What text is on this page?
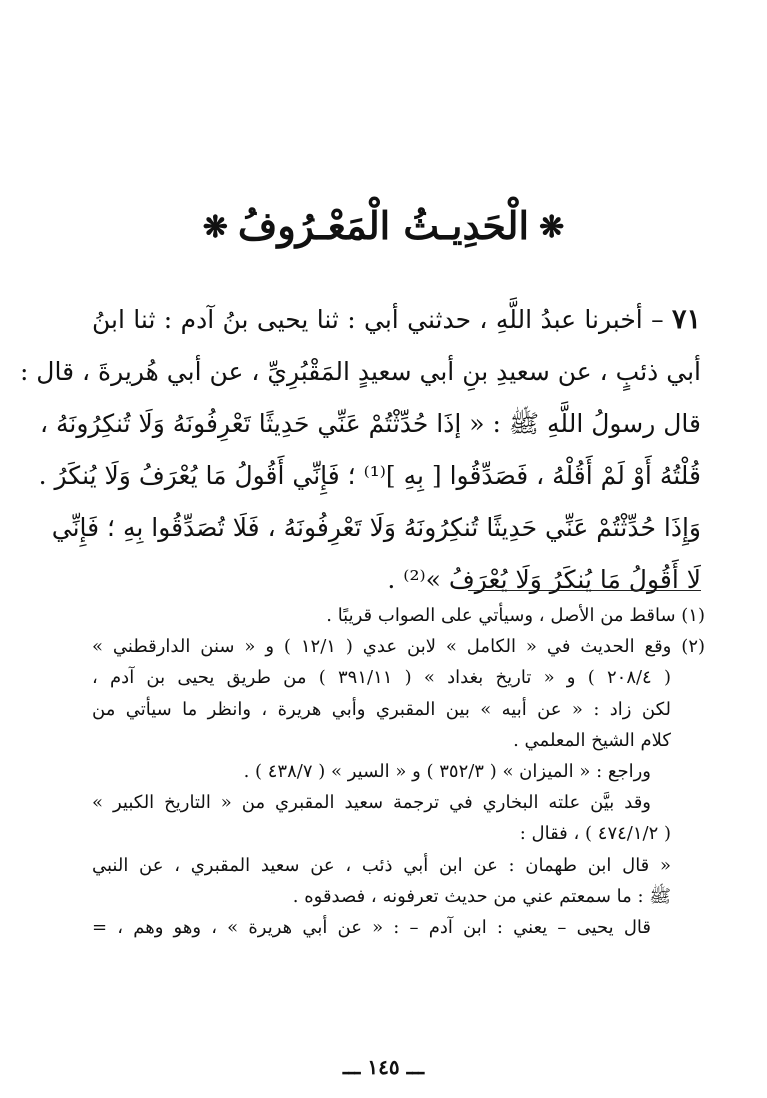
❋الْحَدِيـثُ الْمَعْـرُوفُ❋
٧١ – أخبرنا عبدُ اللَّهِ ، حدثني أبي : ثنا يحيى بنُ آدم : ثنا ابنُ
أبي ذئبٍ ، عن سعيدِ بنِ أبي سعيدٍ المَقْبُرِيِّ ، عن أبي هُريرةَ ، قال :
قال رسولُ اللَّهِ ﷺ : « إذَا حُدِّثْتُمْ عَنِّي حَدِيثًا تَعْرِفُونَهُ وَلَا تُنكِرُونَهُ ،
قُلْتُهُ أَوْ لَمْ أَقُلْهُ ، فَصَدِّقُوا [ بِهِ ]⁽¹⁾ ؛ فَإِنِّي أَقُولُ مَا يُعْرَفُ وَلَا يُنكَرُ .
وَإِذَا حُدِّثْتُمْ عَنِّي حَدِيثًا تُنكِرُونَهُ وَلَا تَعْرِفُونَهُ ، فَلَا تُصَدِّقُوا بِهِ ؛ فَإِنِّي
لَا أَقُولُ مَا يُنكَرُ وَلَا يُعْرَفُ »⁽²⁾ .
(١) ساقط من الأصل ، وسيأتي على الصواب قريبًا .
(٢) وقع الحديث في « الكامل » لابن عدي ( ١٢/١ ) و « سنن الدارقطني »
( ٢٠٨/٤ ) و « تاريخ بغداد » ( ٣٩١/١١ ) من طريق يحيى بن آدم ،
لكن زاد : « عن أبيه » بين المقبري وأبي هريرة ، وانظر ما سيأتي من
كلام الشيخ المعلمي .
وراجع : « الميزان » ( ٣٥٢/٣ ) و « السير » ( ٤٣٨/٧ ) .
وقد بيَّن علته البخاري في ترجمة سعيد المقبري من « التاريخ الكبير »
( ٤٧٤/١/٢ ) ، فقال :
« قال ابن طهمان : عن ابن أبي ذئب ، عن سعيد المقبري ، عن النبي
ﷺ : ما سمعتم عني من حديث تعرفونه ، فصدقوه .
قال يحيى – يعني : ابن آدم – : « عن أبي هريرة » ، وهو وهم ، =
ـــ ١٤٥ ـــ
